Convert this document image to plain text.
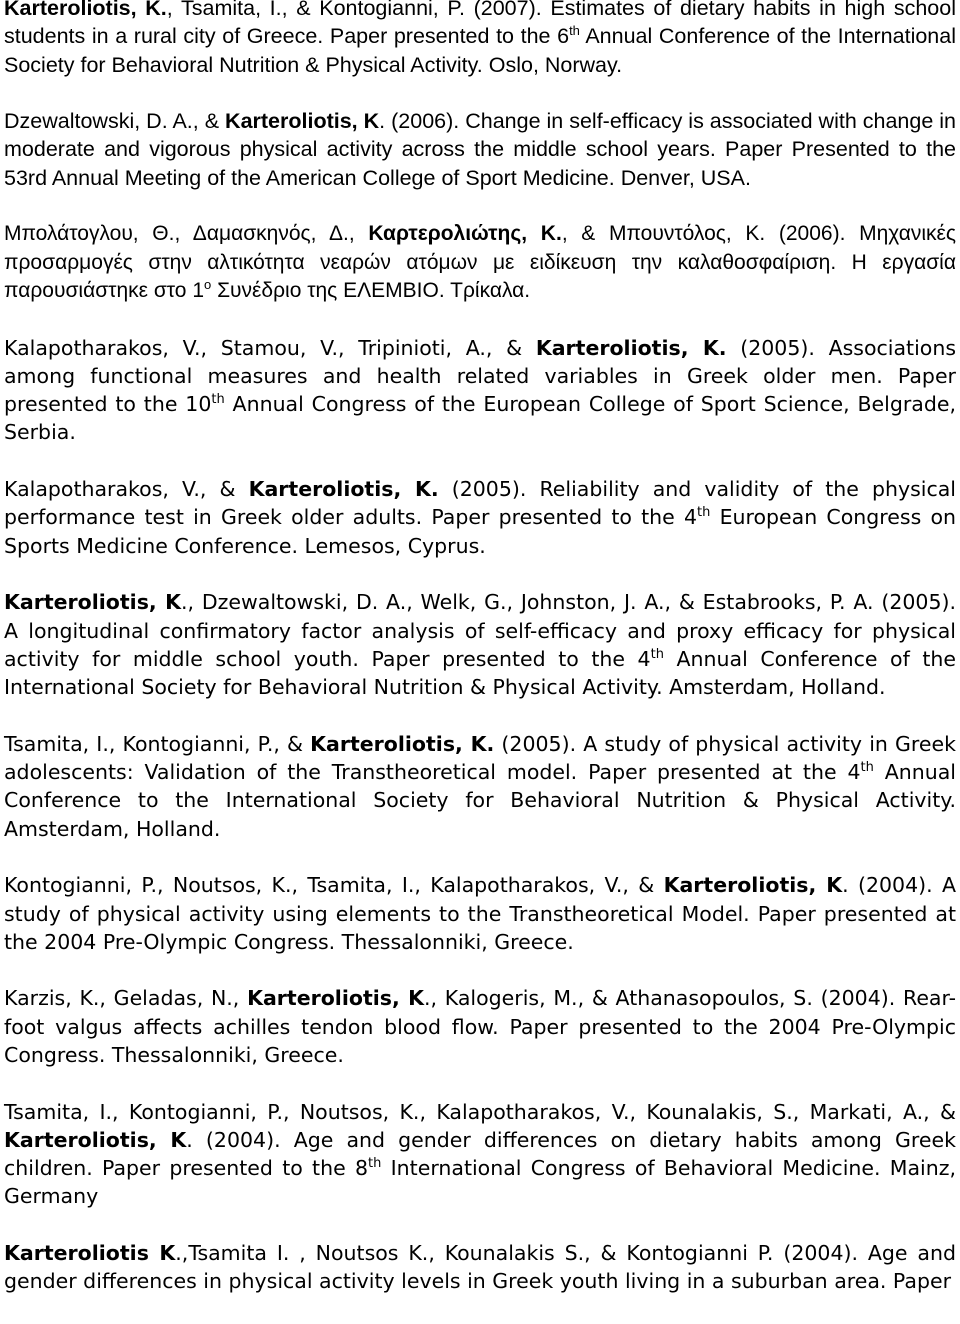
Karteroliotis, K., Tsamita, I., & Kontogianni, P. (2007). Estimates of dietary habits in high school students in a rural city of Greece. Paper presented to the 6th Annual Conference of the International Society for Behavioral Nutrition & Physical Activity. Oslo, Norway.

Dzewaltowski, D. A., & Karteroliotis, K. (2006). Change in self-efficacy is associated with change in moderate and vigorous physical activity across the middle school years. Paper Presented to the 53rd Annual Meeting of the American College of Sport Medicine. Denver, USA.

Μπολάτογλου, Θ., Δαμασκηνός, Δ., Καρτερολιώτης, Κ., & Μπουντόλος, Κ. (2006). Μηχανικές προσαρμογές στην αλτικότητα νεαρών ατόμων με ειδίκευση την καλαθοσφαίριση. Η εργασία παρουσιάστηκε στο $1^o$ Συνέδριο της ΕΛΕΜΒΙΟ. Τρίκαλα.

Kalapotharakos, V., Stamou, V., Tripinioti, A., & Karteroliotis, K. (2005). Associations among functional measures and health related variables in Greek older men. Paper presented to the 10th Annual Congress of the European College of Sport Science, Belgrade, Serbia.

Kalapotharakos, V., & Karteroliotis, K. (2005). Reliability and validity of the physical performance test in Greek older adults. Paper presented to the 4th European Congress on Sports Medicine Conference. Lemesos, Cyprus.

Karteroliotis, K., Dzewaltowski, D. A., Welk, G., Johnston, J. A., & Estabrooks, P. A. (2005). A longitudinal confirmatory factor analysis of self-efficacy and proxy efficacy for physical activity for middle school youth. Paper presented to the 4th Annual Conference of the International Society for Behavioral Nutrition & Physical Activity. Amsterdam, Holland.

Tsamita, I., Kontogianni, P., & Karteroliotis, K. (2005). A study of physical activity in Greek adolescents: Validation of the Transtheoretical model. Paper presented at the 4th Annual Conference to the International Society for Behavioral Nutrition & Physical Activity. Amsterdam, Holland.

Kontogianni, P., Noutsos, K., Tsamita, I., Kalapotharakos, V., & Karteroliotis, K. (2004). A study of physical activity using elements to the Transtheoretical Model. Paper presented at the 2004 Pre-Olympic Congress. Thessalonniki, Greece.

Karzis, K., Geladas, N., Karteroliotis, K., Kalogeris, M., & Athanasopoulos, S. (2004). Rear-foot valgus affects achilles tendon blood flow. Paper presented to the 2004 Pre-Olympic Congress. Thessalonniki, Greece.

Tsamita, I., Kontogianni, P., Noutsos, K., Kalapotharakos, V., Kounalakis, S., Markati, A., & Karteroliotis, K. (2004). Age and gender differences on dietary habits among Greek children. Paper presented to the 8th International Congress of Behavioral Medicine. Mainz, Germany

Karteroliotis K.,Tsamita I. , Noutsos K., Kounalakis S., & Kontogianni P. (2004). Age and gender differences in physical activity levels in Greek youth living in a suburban area. Paper
